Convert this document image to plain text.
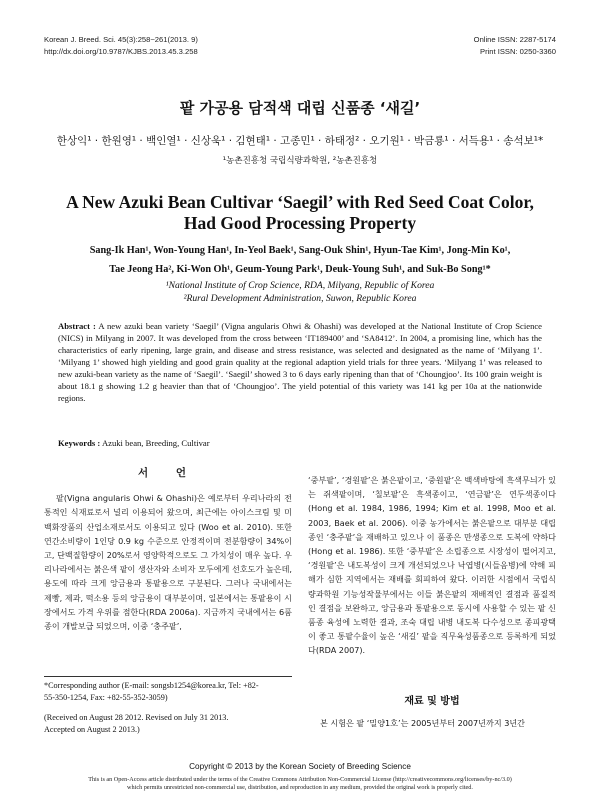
Korean J. Breed. Sci. 45(3):258~261(2013. 9)	Online ISSN: 2287-5174
http://dx.doi.org/10.9787/KJBS.2013.45.3.258	Print ISSN: 0250-3360
팥 가공용 담적색 대립 신품종 ‘새길’
한상익¹ · 한원영¹ · 백인열¹ · 신상욱¹ · 김현태¹ · 고종민¹ · 하태정² · 오기원¹ · 박금룡¹ · 서득용¹ · 송석보¹*
¹농촌진흥청 국립식량과학원, ²농촌진흥청
A New Azuki Bean Cultivar ‘Saegil’ with Red Seed Coat Color,
Had Good Processing Property
Sang-Ik Han¹, Won-Young Han¹, In-Yeol Baek¹, Sang-Ouk Shin¹, Hyun-Tae Kim¹, Jong-Min Ko¹,
Tae Jeong Ha², Ki-Won Oh¹, Geum-Young Park¹, Deuk-Young Suh¹, and Suk-Bo Song¹*
¹National Institute of Crop Science, RDA, Milyang, Republic of Korea
²Rural Development Administration, Suwon, Republic Korea
Abstract : A new azuki bean variety ‘Saegil’ (Vigna angularis Ohwi & Ohashi) was developed at the National Institute of Crop Science (NICS) in Milyang in 2007. It was developed from the cross between ‘IT189400’ and ‘SA8412’. In 2004, a promising line, which has the characteristics of early ripening, large grain, and disease and stress resistance, was selected and designated as the name of ‘Milyang 1’. ‘Milyang 1’ showed high yielding and good grain quality at the regional adaption yield trials for three years. ‘Milyang 1’ was released to new azuki-bean variety as the name of ‘Saegil’. ‘Saegil’ showed 3 to 6 days early ripening than that of ‘Choungjoo’. Its 100 grain weight is about 18.1 g showing 1.2 g heavier than that of ‘Choungjoo’. The yield potential of this variety was 141 kg per 10a at the nationwide regions.
Keywords : Azuki bean, Breeding, Cultivar
서 언
팥(Vigna angularis Ohwi & Ohashi)은 예로부터 우리나라의 전통적인 식재료로서 널리 이용되어 왔으며, 최근에는 아이스크림 및 미백화장품의 산업소재로서도 이용되고 있다 (Woo et al. 2010). 또한 연간소비량이 1인당 0.9 kg 수준으로 안정적이며 전분함량이 34%이고, 단백질함량이 20%로서 영양학적으로도 그 가치성이 매우 높다. 우리나라에서는 붉은색 팥이 생산자와 소비자 모두에게 선호도가 높은데, 용도에 따라 크게 앙금용과 통팥용으로 구분된다. 그러나 국내에서는 제빵, 제과, 떡소용 등의 앙금용이 대부분이며, 일본에서는 통팥용이 시장에서도 가격 우위를 점한다(RDA 2006a). 지금까지 국내에서는 6품종이 개발보급 되었으며, 이중 ‘충주팥’,
‘중부팥’, ‘경원팥’은 붉은팥이고, ‘중원팥’은 백색바탕에 흑색무늬가 있는 쥐색팥이며, ‘칠보팥’은 흑색종이고, ‘연금팥’은 연두색종이다(Hong et al. 1984, 1986, 1994; Kim et al. 1998, Moo et al. 2003, Baek et al. 2006). 이중 농가에서는 붉은팥으로 대부분 대립종인 ‘충주팥’을 재배하고 있으나 이 품종은 만생종으로 도복에 약하다(Hong et al. 1986). 또한 ‘중부팥’은 소립종으로 시장성이 떨어지고, ‘경원팥’은 내도복성이 크게 개선되었으나 낙엽병(시들음병)에 약해 피해가 심한 지역에서는 재배를 회피하여 왔다. 이러한 시점에서 국립식량과학원 기능성작물부에서는 이들 붉은팥의 재배적인 결점과 품질적인 결점을 보완하고, 앙금용과 통팥용으로 동시에 사용할 수 있는 팥 신품종 육성에 노력한 결과, 조숙 대립 내병 내도복 다수성으로 종피광택이 좋고 통팥수율이 높은 ‘새길’ 팥을 직무육성품종으로 등록하게 되었다(RDA 2007).
*Corresponding author (E-mail: songsb1254@korea.kr, Tel: +82-
55-350-1254, Fax: +82-55-352-3059)
(Received on August 28 2012. Revised on July 31 2013.
Accepted on August 2 2013.)
재료 및 방법
본 시험은 팥 ‘밀양1호’는 2005년부터 2007년까지 3년간
Copyright © 2013 by the Korean Society of Breeding Science
This is an Open-Access article distributed under the terms of the Creative Commons Attribution Non-Commercial License (http://creativecommons.org/licenses/by-nc/3.0)
which permits unrestricted non-commercial use, distribution, and reproduction in any medium, provided the original work is properly cited.
